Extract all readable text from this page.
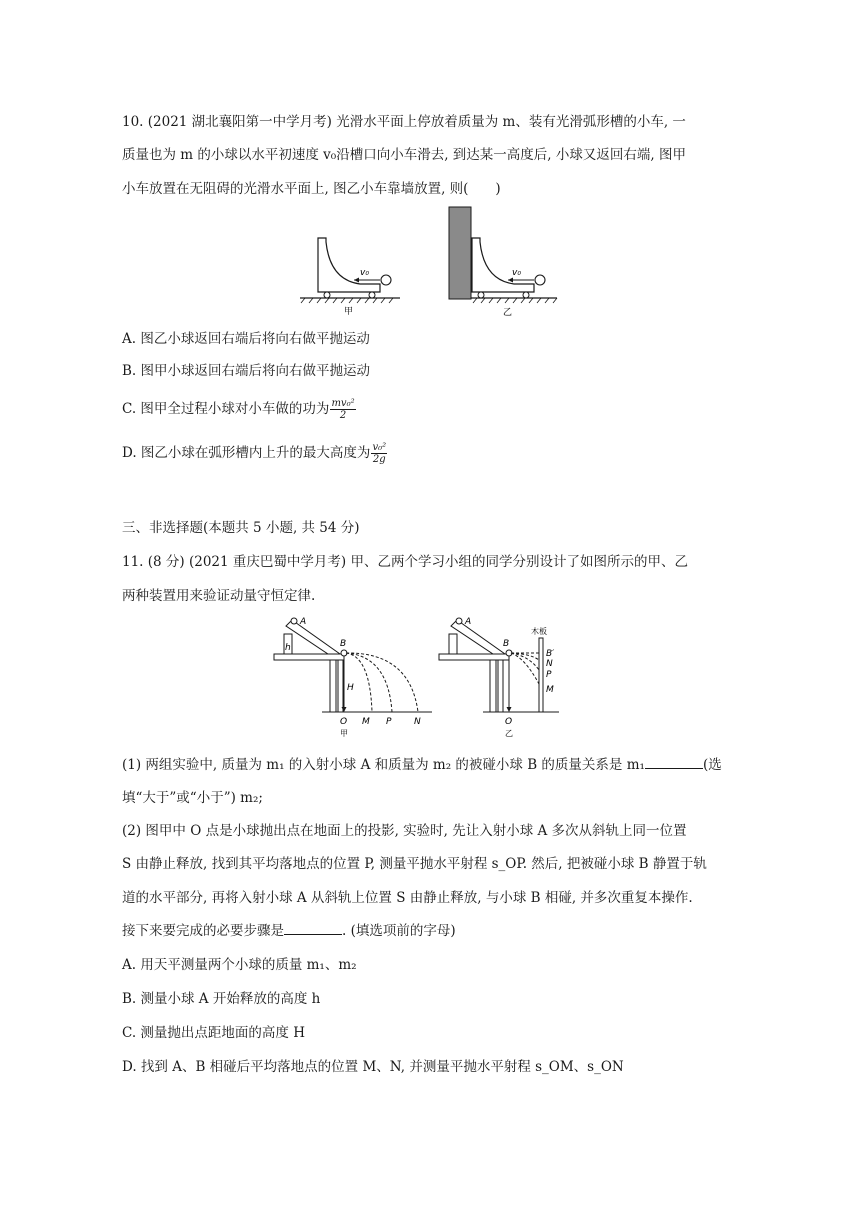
10. (2021 湖北襄阳第一中学月考) 光滑水平面上停放着质量为 m、装有光滑弧形槽的小车, 一
质量也为 m 的小球以水平初速度 v₀沿槽口向小车滑去, 到达某一高度后, 小球又返回右端, 图甲
小车放置在无阻碍的光滑水平面上, 图乙小车靠墙放置, 则(　　)
v₀
甲
v₀
乙
A. 图乙小球返回右端后将向右做平抛运动
B. 图甲小球返回右端后将向右做平抛运动
C. 图甲全过程小球对小车做的功为 $\frac{\text{mv₀²}}{2}$
D. 图乙小球在弧形槽内上升的最大高度为 $\frac{\text{v₀²}}{2g}$
三、非选择题(本题共 5 小题, 共 54 分)
11. (8 分) (2021 重庆巴蜀中学月考) 甲、乙两个学习小组的同学分别设计了如图所示的甲、乙
两种装置用来验证动量守恒定律.
A
h	B
H
O M P	N
甲
A
B
木板
B′
N
P
M
O
乙
(1) 两组实验中, 质量为 m₁ 的入射小球 A 和质量为 m₂ 的被碰小球 B 的质量关系是 m₁	(选
填“大于”或“小于”) m₂;
(2) 图甲中 O 点是小球抛出点在地面上的投影, 实验时, 先让入射小球 A 多次从斜轨上同一位置
S 由静止释放, 找到其平均落地点的位置 P, 测量平抛水平射程 s_OP. 然后, 把被碰小球 B 静置于轨
道的水平部分, 再将入射小球 A 从斜轨上位置 S 由静止释放, 与小球 B 相碰, 并多次重复本操作.
接下来要完成的必要步骤是	. (填选项前的字母)
A. 用天平测量两个小球的质量 m₁、m₂
B. 测量小球 A 开始释放的高度 h
C. 测量抛出点距地面的高度 H
D. 找到 A、B 相碰后平均落地点的位置 M、N, 并测量平抛水平射程 s_OM、s_ON
